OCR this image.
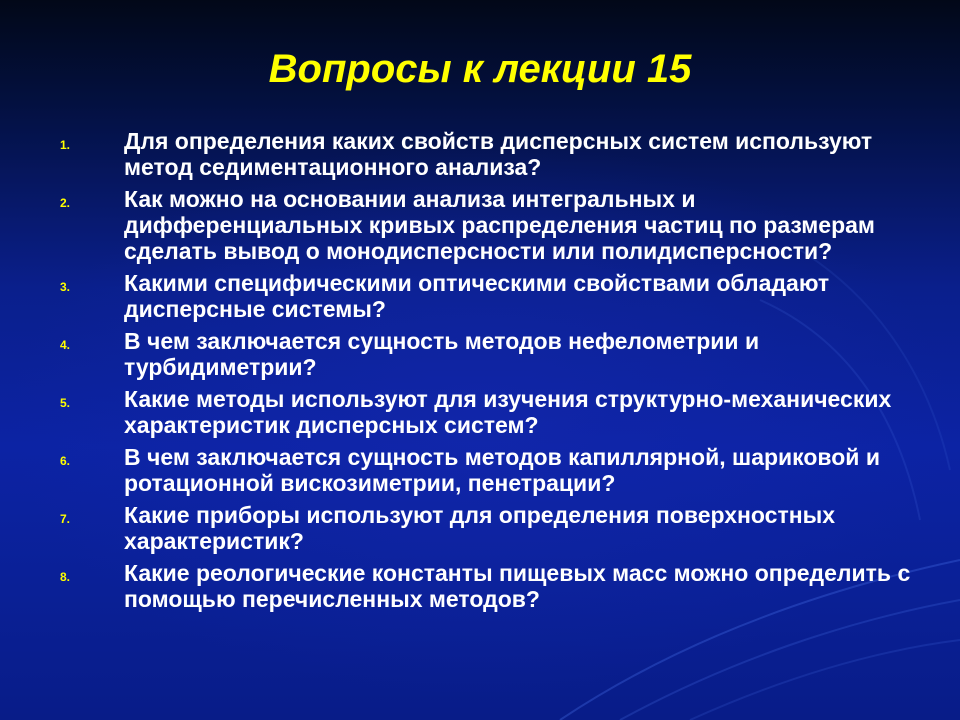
Вопросы к лекции 15
1. Для определения каких свойств дисперсных систем используют метод седиментационного анализа?
2. Как можно на основании анализа интегральных и дифференциальных кривых распределения частиц по размерам сделать вывод о монодисперсности или полидисперсности?
3. Какими специфическими оптическими свойствами обладают дисперсные системы?
4. В чем заключается сущность методов нефелометрии и турбидиметрии?
5. Какие методы используют для изучения структурно-механических характеристик дисперсных систем?
6. В чем заключается сущность методов капиллярной, шариковой и ротационной вискозиметрии, пенетрации?
7. Какие приборы используют для определения поверхностных характеристик?
8. Какие реологические константы пищевых масс можно определить с помощью перечисленных методов?
